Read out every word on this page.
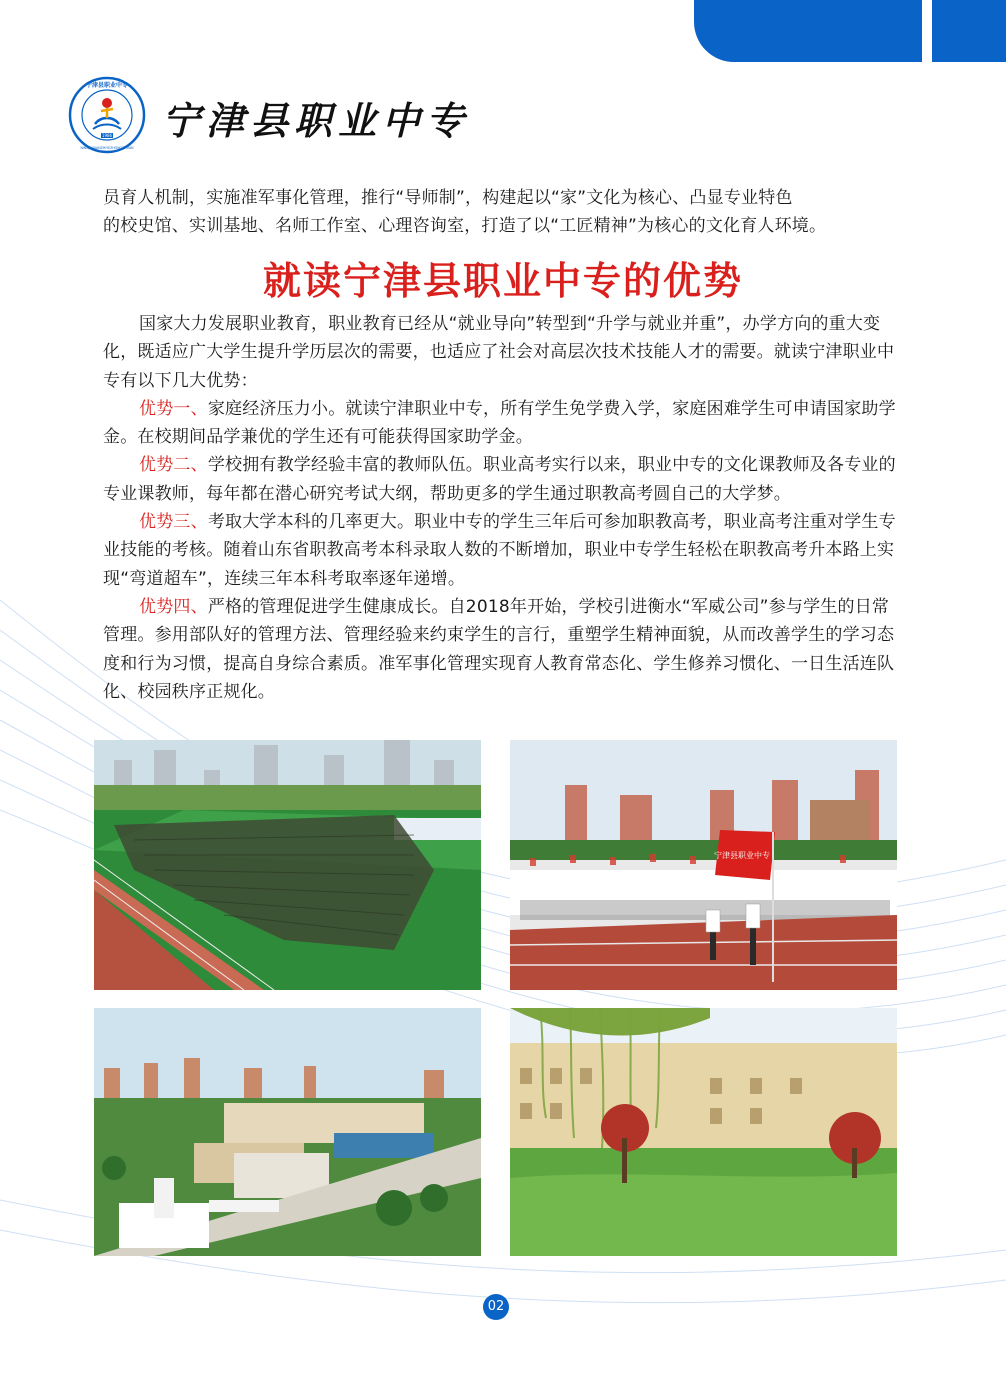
1986
宁津县职业中专
NINGJINXIANZHIYEZHONGZHUAN
宁津县职业中专

员育人机制，实施准军事化管理，推行“导师制”，构建起以“家”文化为核心、凸显专业特色

的校史馆、实训基地、名师工作室、心理咨询室，打造了以“工匠精神”为核心的文化育人环境。

就读宁津县职业中专的优势

国家大力发展职业教育，职业教育已经从“就业导向”转型到“升学与就业并重”，办学方向的重大变化，既适应广大学生提升学历层次的需要，也适应了社会对高层次技术技能人才的需要。就读宁津职业中专有以下几大优势：

优势一、家庭经济压力小。就读宁津职业中专，所有学生免学费入学，家庭困难学生可申请国家助学金。在校期间品学兼优的学生还有可能获得国家助学金。

优势二、学校拥有教学经验丰富的教师队伍。职业高考实行以来，职业中专的文化课教师及各专业的专业课教师，每年都在潜心研究考试大纲，帮助更多的学生通过职教高考圆自己的大学梦。

优势三、考取大学本科的几率更大。职业中专的学生三年后可参加职教高考，职业高考注重对学生专业技能的考核。随着山东省职教高考本科录取人数的不断增加，职业中专学生轻松在职教高考升本路上实现“弯道超车”，连续三年本科考取率逐年递增。

优势四、严格的管理促进学生健康成长。自2018年开始，学校引进衡水“军威公司”参与学生的日常管理。参用部队好的管理方法、管理经验来约束学生的言行，重塑学生精神面貌，从而改善学生的学习态度和行为习惯，提高自身综合素质。准军事化管理实现育人教育常态化、学生修养习惯化、一日生活连队化、校园秩序正规化。

宁津县职业中专
02
